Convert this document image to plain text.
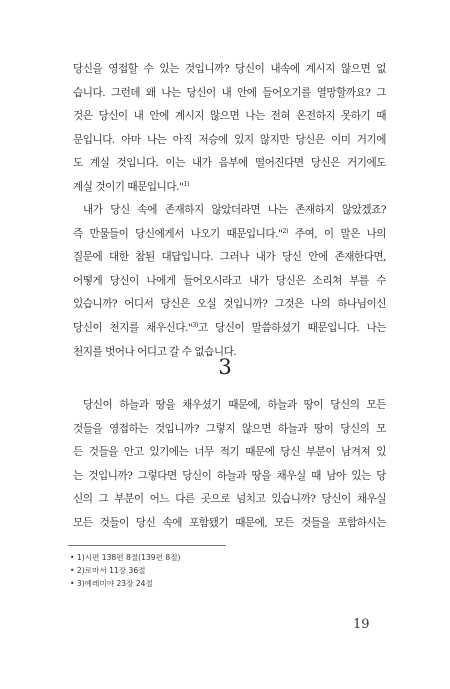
당신을 영접할 수 있는 것입니까? 당신이 내속에 계시지 않으면 없
습니다. 그런데 왜 나는 당신이 내 안에 들어오기를 열망할까요? 그
것은 당신이 내 안에 계시지 않으면 나는 전혀 온전하지 못하기 때
문입니다. 아마 나는 아직 저승에 있지 않지만 당신은 이미 거기에
도 계실 것입니다. 이는 내가 음부에 떨어진다면 당신은 거기에도
계실 것이기 때문입니다."$^{1)}$
내가 당신 속에 존재하지 않았더라면 나는 존재하지 않았겠죠?
즉 만물들이 당신에게서 나오기 때문입니다."$^{2)}$ 주여, 이 말은 나의
질문에 대한 참된 대답입니다. 그러나 내가 당신 안에 존재한다면,
어떻게 당신이 나에게 들어오시라고 내가 당신은 소리쳐 부를 수
있습니까? 어디서 당신은 오실 것입니까? 그것은 나의 하나님이신
당신이 천지를 채우신다."$^{3)}$고 당신이 말씀하셨기 때문입니다. 나는
천지를 벗어나 어디고 갈 수 없습니다.
3
당신이 하늘과 땅을 채우셨기 때문에, 하늘과 땅이 당신의 모든
것들을 영접하는 것입니까? 그렇지 않으면 하늘과 땅이 당신의 모
든 것들을 안고 있기에는 너무 적기 때문에 당신 부분이 남겨져 있
는 것입니까? 그렇다면 당신이 하늘과 땅을 채우실 때 남아 있는 당
신의 그 부분이 어느 다른 곳으로 넘치고 있습니까? 당신이 채우실
모든 것들이 당신 속에 포함됐기 때문에, 모든 것들을 포함하시는
• 1)시편 138편 8절(139편 8절)
• 2)로마서 11장 36절
• 3)예레미야 23장 24절
19
